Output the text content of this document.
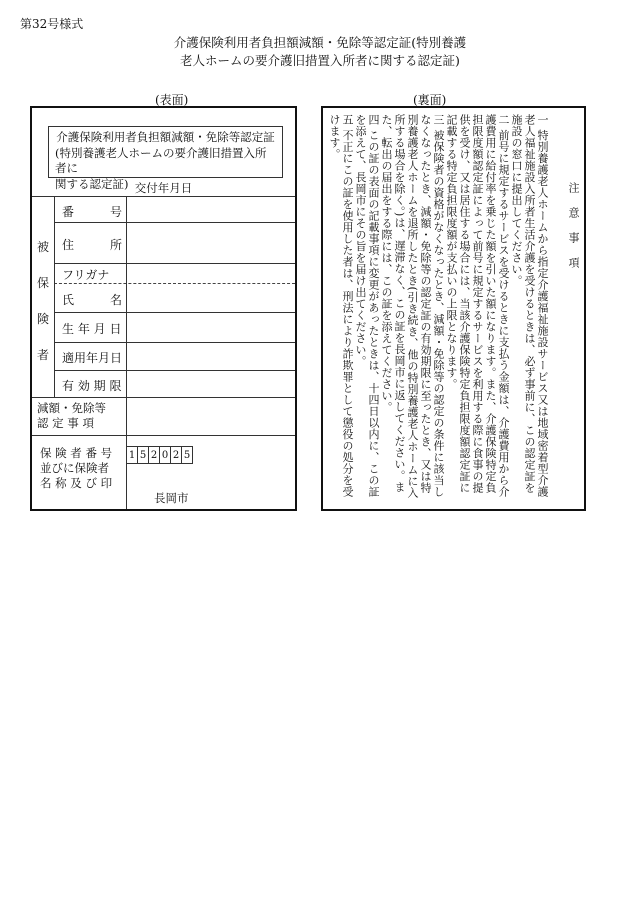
第32号様式
介護保険利用者負担額減額・免除等認定証(特別養護
老人ホームの要介護旧措置入所者に関する認定証)
(表面)	(裏面)
介護保険利用者負担額減額・免除等認定証
(特別養護老人ホームの要介護旧措置入所者に
関する認定証) 交付年月日
被
保
険
者
番　　　号
住　　　所
フリガナ
氏　　　名
生 年 月 日
適用年月日
有 効 期 限
減額・免除等
認 定 事 項
保 険 者 番 号
並びに保険者
名 称 及 び 印
1 5 2 0 2 5
長岡市
注意事項
一特別養護老人ホームから指定介護福祉施設サービス又は地域密着型介護老人福祉施設入所者生活介護を受けるときは、必ず事前に、この認定証を施設の窓口に提出してください。
二前号に規定するサービスを受けるときに支払う金額は、介護費用から介護費用に給付率を乗じた額を引いた額になります。また、介護保険特定負担限度額認定証によって前号に規定するサービスを利用する際に食事の提供を受け、又は居住する場合には、当該介護保険特定負担限度額認定証に記載する特定負担限度額が支払いの上限となります。
三被保険者の資格がなくなったとき、減額・免除等の認定の条件に該当しなくなったとき、減額・免除等の認定証の有効期限に至ったとき、又は特別養護老人ホームを退所したとき(引き続き、他の特別養護老人ホームに入所する場合を除く。)は、遅滞なく、この証を長岡市に返してください。また、転出の届出をする際には、この証を添えてください。
四この証の表面の記載事項に変更があったときは、十四日以内に、この証を添えて、長岡市にその旨を届け出てください。
五不正にこの証を使用した者は、刑法により詐欺罪として懲役の処分を受けます。
